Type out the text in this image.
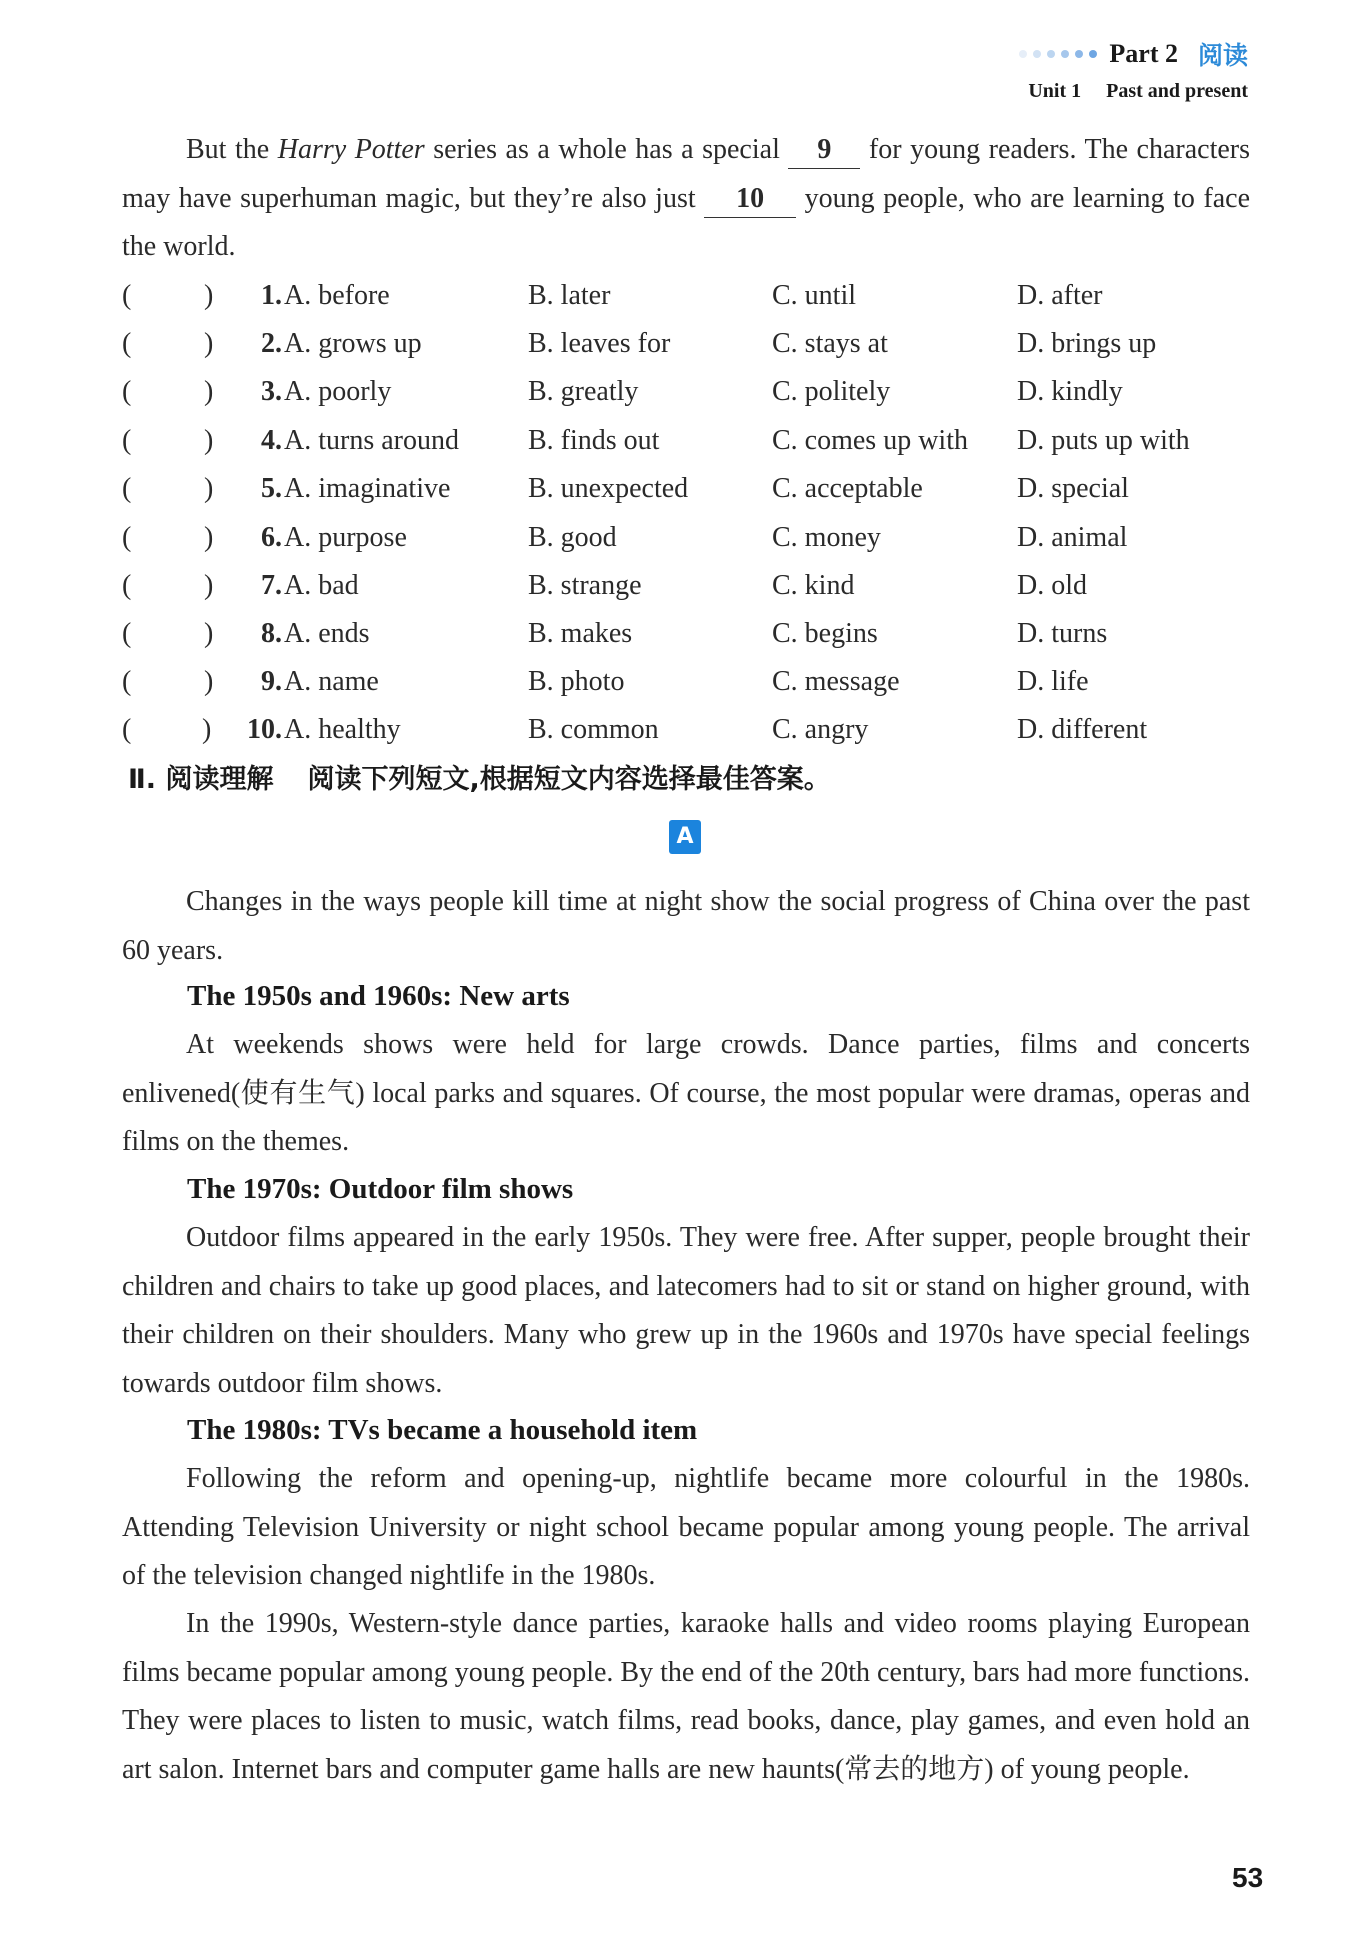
Part 2 阅读
Unit 1 Past and present
But the Harry Potter series as a whole has a special 9 for young readers. The characters may have superhuman magic, but they’re also just 10 young people, who are learning to face the world.
(	)	1. A. before	B. later	C. until	D. after
(	)	2. A. grows up	B. leaves for	C. stays at	D. brings up
(	)	3. A. poorly	B. greatly	C. politely	D. kindly
(	)	4. A. turns around B. finds out	C. comes up with D. puts up with
(	)	5. A. imaginative	B. unexpected	C. acceptable	D. special
(	)	6. A. purpose	B. good	C. money	D. animal
(	)	7. A. bad	B. strange	C. kind	D. old
(	)	8. A. ends	B. makes	C. begins	D. turns
(	)	9. A. name	B. photo	C. message	D. life
(	)	10. A. healthy	B. common	C. angry	D. different
Ⅱ. 阅读理解 阅读下列短文,根据短文内容选择最佳答案。
A
Changes in the ways people kill time at night show the social progress of China over the past 60 years.
The 1950s and 1960s: New arts
At weekends shows were held for large crowds. Dance parties, films and concerts enlivened(使有生气) local parks and squares. Of course, the most popular were dramas, operas and films on the themes.
The 1970s: Outdoor film shows
Outdoor films appeared in the early 1950s. They were free. After supper, people brought their children and chairs to take up good places, and latecomers had to sit or stand on higher ground, with their children on their shoulders. Many who grew up in the 1960s and 1970s have special feelings towards outdoor film shows.
The 1980s: TVs became a household item
Following the reform and opening-up, nightlife became more colourful in the 1980s. Attending Television University or night school became popular among young people. The arrival of the television changed nightlife in the 1980s.
In the 1990s, Western-style dance parties, karaoke halls and video rooms playing European films became popular among young people. By the end of the 20th century, bars had more functions. They were places to listen to music, watch films, read books, dance, play games, and even hold an art salon. Internet bars and computer game halls are new haunts(常去的地方) of young people.
53
